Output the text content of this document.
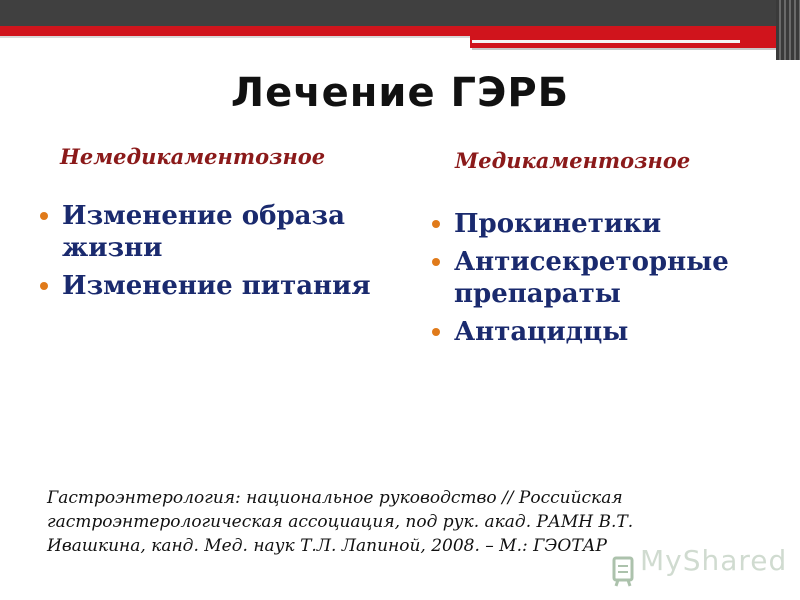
Лечение ГЭРБ
Немедикаментозное	Медикаментозное
Изменение образа жизни
Изменение питания
Прокинетики
Антисекреторные препараты
Антацидцы
Гастроэнтерология: национальное руководство // Российская
гастроэнтерологическая ассоциация, под рук. акад. РАМН В.Т.
Ивашкина, канд. Мед. наук Т.Л. Лапиной, 2008. – М.: ГЭОТАР	MyShared
